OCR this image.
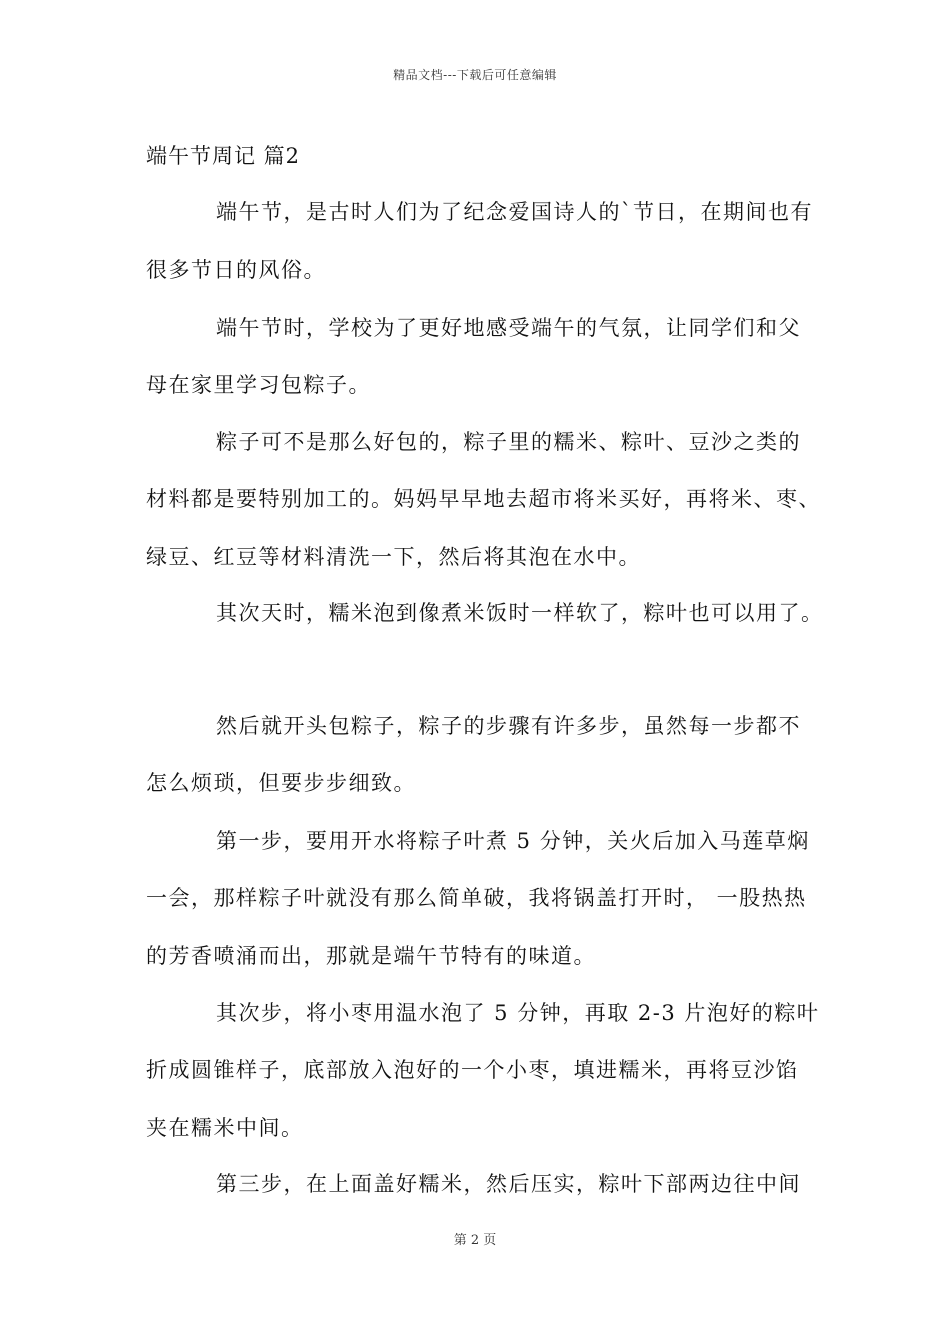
精品文档---下载后可任意编辑
端午节周记 篇2
端午节，是古时人们为了纪念爱国诗人的`节日，在期间也有
很多节日的风俗。
端午节时，学校为了更好地感受端午的气氛，让同学们和父
母在家里学习包粽子。
粽子可不是那么好包的，粽子里的糯米、粽叶、豆沙之类的
材料都是要特别加工的。妈妈早早地去超市将米买好，再将米、枣、
绿豆、红豆等材料清洗一下，然后将其泡在水中。
其次天时，糯米泡到像煮米饭时一样软了，粽叶也可以用了。
然后就开头包粽子，粽子的步骤有许多步，虽然每一步都不
怎么烦琐，但要步步细致。
第一步，要用开水将粽子叶煮 5 分钟，关火后加入马莲草焖
一会，那样粽子叶就没有那么简单破，我将锅盖打开时， 一股热热
的芳香喷涌而出，那就是端午节特有的味道。
其次步，将小枣用温水泡了 5 分钟，再取 2-3 片泡好的粽叶
折成圆锥样子，底部放入泡好的一个小枣，填进糯米，再将豆沙馅
夹在糯米中间。
第三步，在上面盖好糯米，然后压实，粽叶下部两边往中间
第 2 页
